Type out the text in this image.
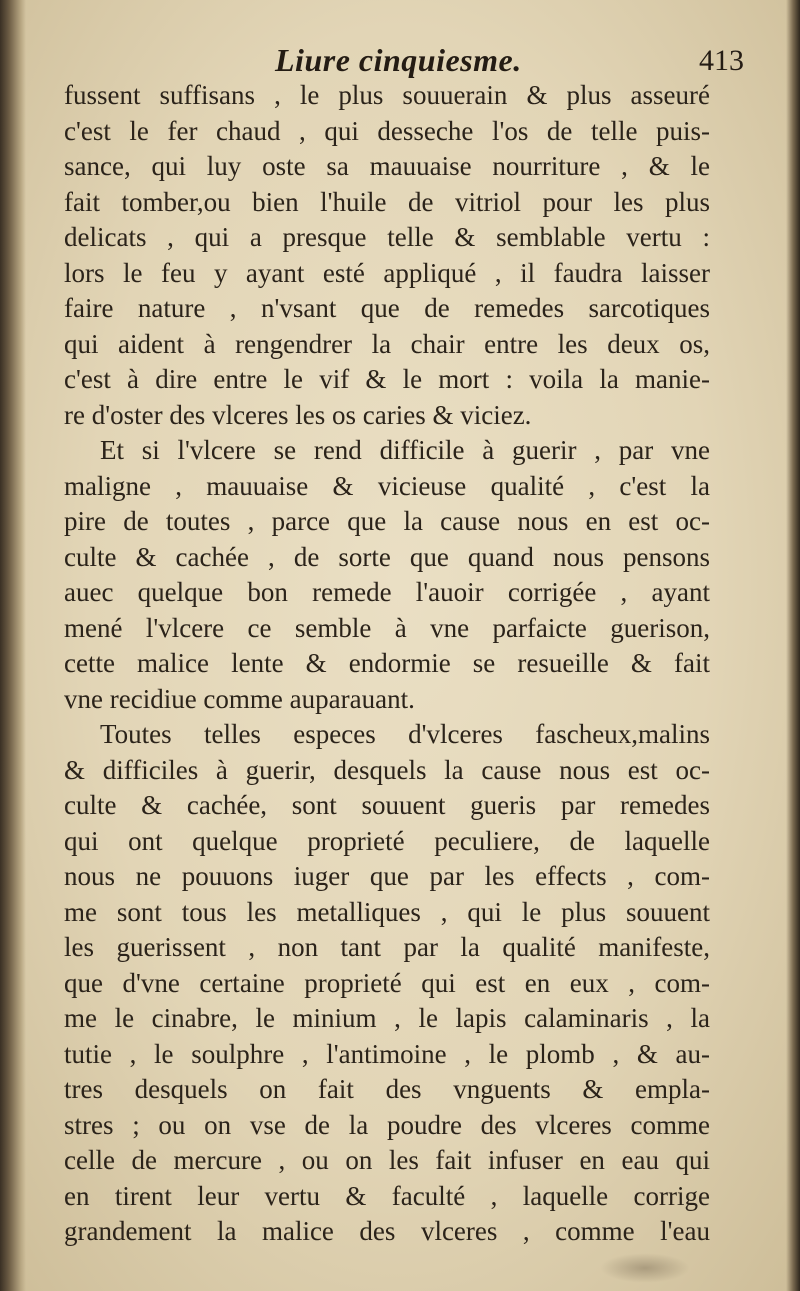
Liure cinquiesme.	413
fussent suffisans , le plus souuerain & plus asseuré
c'est le fer chaud , qui desseche l'os de telle puis-
sance, qui luy oste sa mauuaise nourriture , & le
fait tomber,ou bien l'huile de vitriol pour les plus
delicats , qui a presque telle & semblable vertu :
lors le feu y ayant esté appliqué , il faudra laisser
faire nature , n'vsant que de remedes sarcotiques
qui aident à rengendrer la chair entre les deux os,
c'est à dire entre le vif & le mort : voila la manie-
re d'oster des vlceres les os caries & viciez.
Et si l'vlcere se rend difficile à guerir , par vne
maligne , mauuaise & vicieuse qualité , c'est la
pire de toutes , parce que la cause nous en est oc-
culte & cachée , de sorte que quand nous pensons
auec quelque bon remede l'auoir corrigée , ayant
mené l'vlcere ce semble à vne parfaicte guerison,
cette malice lente & endormie se resueille & fait
vne recidiue comme auparauant.
Toutes telles especes d'vlceres fascheux,malins
& difficiles à guerir, desquels la cause nous est oc-
culte & cachée, sont souuent gueris par remedes
qui ont quelque proprieté peculiere, de laquelle
nous ne pouuons iuger que par les effects , com-
me sont tous les metalliques , qui le plus souuent
les guerissent , non tant par la qualité manifeste,
que d'vne certaine proprieté qui est en eux , com-
me le cinabre, le minium , le lapis calaminaris , la
tutie , le soulphre , l'antimoine , le plomb , & au-
tres desquels on fait des vnguents & empla-
stres ; ou on vse de la poudre des vlceres comme
celle de mercure , ou on les fait infuser en eau qui
en tirent leur vertu & faculté , laquelle corrige
grandement la malice des vlceres , comme l'eau
